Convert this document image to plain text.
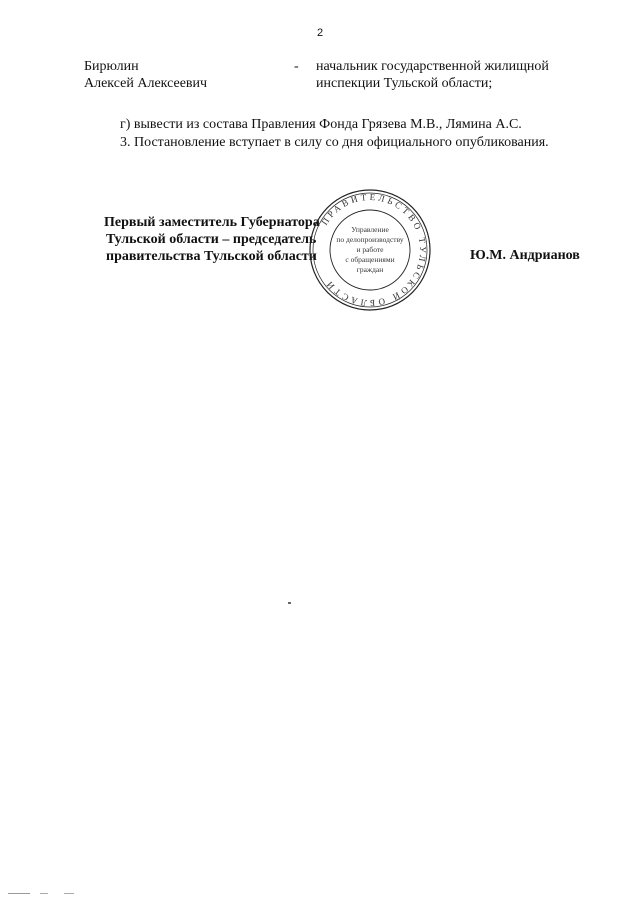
2
Бирюлин
Алексей Алексеевич
- начальник государственной жилищной
инспекции Тульской области;
г) вывести из состава Правления Фонда Грязева М.В., Лямина А.С.
3. Постановление вступает в силу со дня официального опубликования.
Первый заместитель Губернатора
Тульской области – председатель
правительства Тульской области
ПРАВИТЕЛЬСТВО ТУЛЬСКОЙ ОБЛАСТИ
Управление
по делопроизводству
и работе
с обращениями
граждан
Ю.М. Андрианов
